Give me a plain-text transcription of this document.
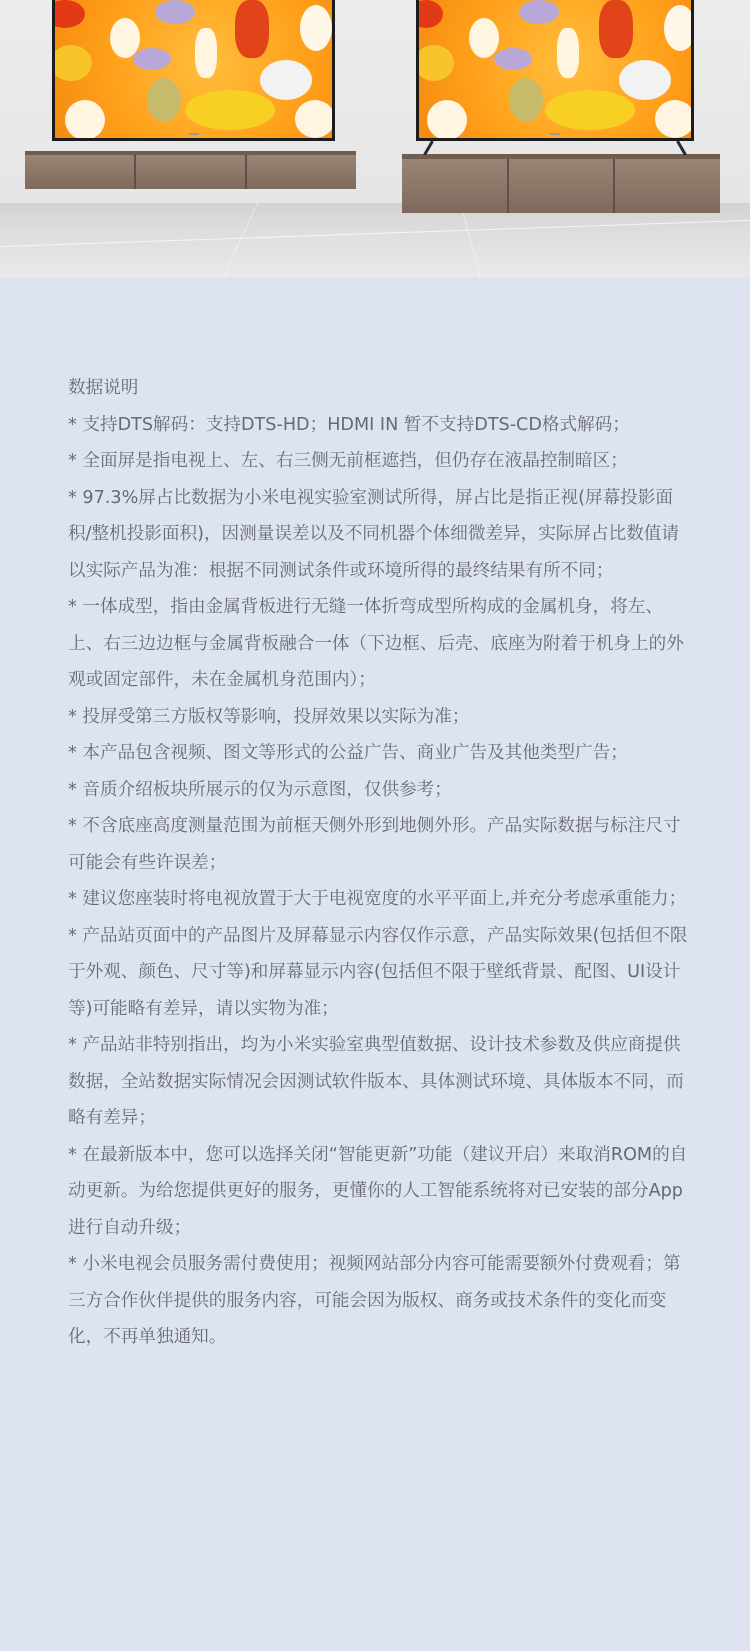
数据说明
* 支持DTS解码：支持DTS-HD；HDMI IN 暂不支持DTS-CD格式解码；
* 全面屏是指电视上、左、右三侧无前框遮挡，但仍存在液晶控制暗区；
* 97.3%屏占比数据为小米电视实验室测试所得，屏占比是指正视(屏幕投影面积/整机投影面积)，因测量误差以及不同机器个体细微差异，实际屏占比数值请以实际产品为准：根据不同测试条件或环境所得的最终结果有所不同；
* 一体成型，指由金属背板进行无缝一体折弯成型所构成的金属机身，将左、上、右三边边框与金属背板融合一体（下边框、后壳、底座为附着于机身上的外观或固定部件，未在金属机身范围内）；
* 投屏受第三方版权等影响，投屏效果以实际为准；
* 本产品包含视频、图文等形式的公益广告、商业广告及其他类型广告；
* 音质介绍板块所展示的仅为示意图，仅供参考；
* 不含底座高度测量范围为前框天侧外形到地侧外形。产品实际数据与标注尺寸可能会有些许误差；
* 建议您座装时将电视放置于大于电视宽度的水平平面上,并充分考虑承重能力；
* 产品站页面中的产品图片及屏幕显示内容仅作示意，产品实际效果(包括但不限于外观、颜色、尺寸等)和屏幕显示内容(包括但不限于壁纸背景、配图、UI设计等)可能略有差异，请以实物为准；
* 产品站非特别指出，均为小米实验室典型值数据、设计技术参数及供应商提供数据，全站数据实际情况会因测试软件版本、具体测试环境、具体版本不同，而略有差异；
* 在最新版本中，您可以选择关闭“智能更新”功能（建议开启）来取消ROM的自动更新。为给您提供更好的服务，更懂你的人工智能系统将对已安装的部分App进行自动升级；
* 小米电视会员服务需付费使用；视频网站部分内容可能需要额外付费观看；第三方合作伙伴提供的服务内容，可能会因为版权、商务或技术条件的变化而变化，不再单独通知。
